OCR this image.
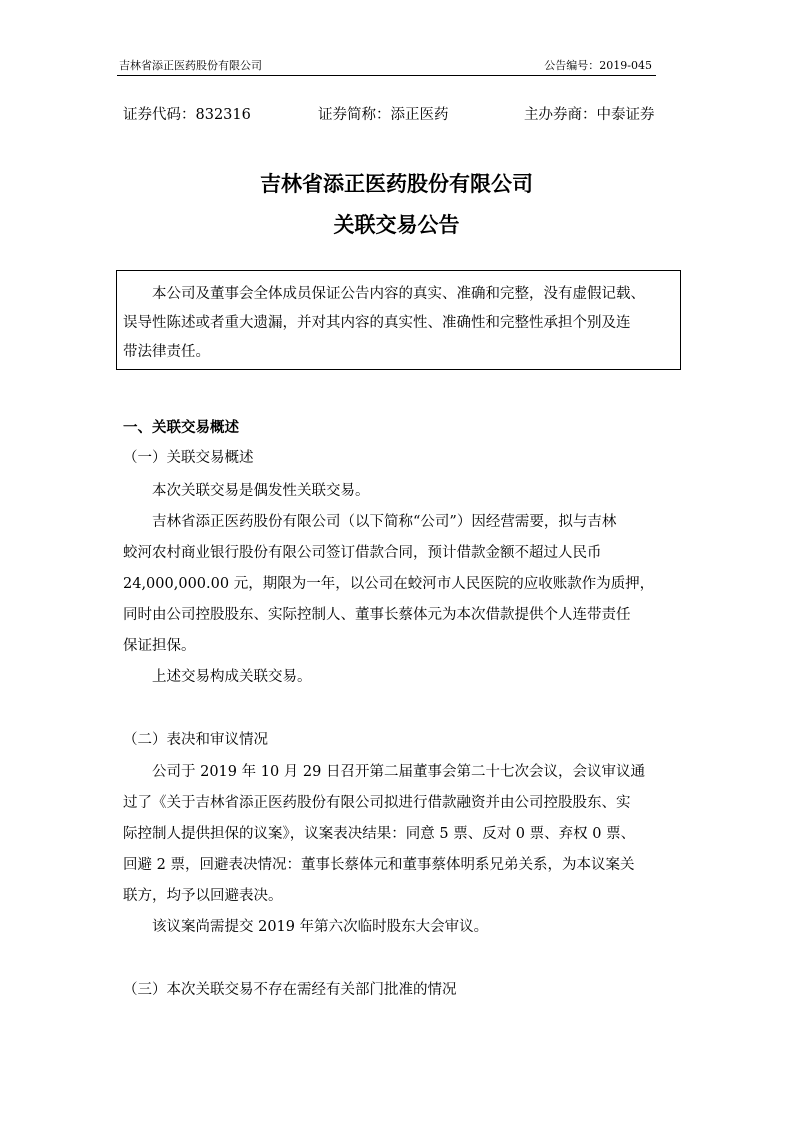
吉林省添正医药股份有限公司	公告编号：2019-045
证券代码：832316	证券简称：添正医药	主办券商：中泰证券
吉林省添正医药股份有限公司
关联交易公告
本公司及董事会全体成员保证公告内容的真实、准确和完整，没有虚假记载、
误导性陈述或者重大遗漏，并对其内容的真实性、准确性和完整性承担个别及连
带法律责任。
一、关联交易概述
（一）关联交易概述
本次关联交易是偶发性关联交易。
吉林省添正医药股份有限公司（以下简称“公司”）因经营需要，拟与吉林
蛟河农村商业银行股份有限公司签订借款合同，预计借款金额不超过人民币
24,000,000.00 元，期限为一年，以公司在蛟河市人民医院的应收账款作为质押，
同时由公司控股股东、实际控制人、董事长蔡体元为本次借款提供个人连带责任
保证担保。
上述交易构成关联交易。
（二）表决和审议情况
公司于 2019 年 10 月 29 日召开第二届董事会第二十七次会议，会议审议通
过了《关于吉林省添正医药股份有限公司拟进行借款融资并由公司控股股东、实
际控制人提供担保的议案》，议案表决结果：同意 5 票、反对 0 票、弃权 0 票、
回避 2 票，回避表决情况：董事长蔡体元和董事蔡体明系兄弟关系，为本议案关
联方，均予以回避表决。
该议案尚需提交 2019 年第六次临时股东大会审议。
（三）本次关联交易不存在需经有关部门批准的情况
